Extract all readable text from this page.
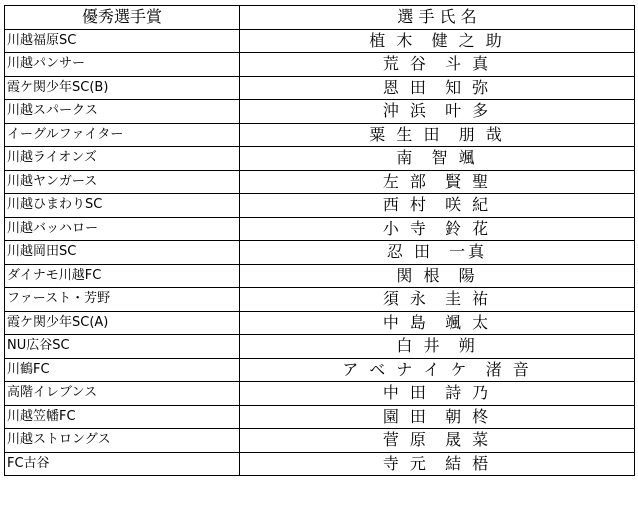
優秀選手賞	選 手 氏 名
川越福原SC	植 木  健 之 助
川越パンサー	荒 谷  斗 真
霞ケ関少年SC(B)	恩 田  知 弥
川越スパークス	沖 浜  叶 多
イーグルファイター	粟 生 田  朋 哉
川越ライオンズ	南  智 颯
川越ヤンガース	左 部  賢 聖
川越ひまわりSC	西 村  咲 紀
川越バッハロー	小 寺  鈴 花
川越岡田SC	忍 田  一真
ダイナモ川越FC	関 根  陽
ファースト・芳野	須 永  圭 祐
霞ケ関少年SC(A)	中 島  颯 太
NU広谷SC	白 井  朔
川鶴FC	ア ベ ナ イ ケ  渚 音
高階イレブンス	中 田  詩 乃
川越笠幡FC	園 田  朝 柊
川越ストロングス	菅 原  晟 菜
FC古谷	寺 元  結 梧
